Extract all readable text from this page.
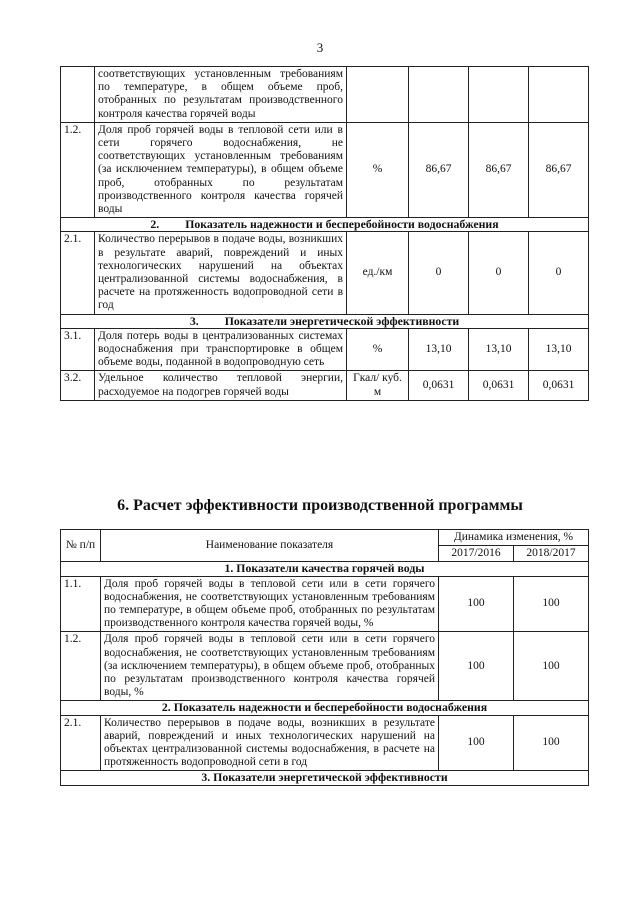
3
	соответствующих установленным требованиям по температуре, в общем объеме проб, отобранных по результатам производственного контроля качества горячей воды				
1.2.	Доля проб горячей воды в тепловой сети или в сети горячего водоснабжения, не соответствующих установленным требованиям (за исключением температуры), в общем объеме проб, отобранных по результатам производственного контроля качества горячей воды	%	86,67	86,67	86,67
2. Показатель надежности и бесперебойности водоснабжения					
2.1.	Количество перерывов в подаче воды, возникших в результате аварий, повреждений и иных технологических нарушений на объектах централизованной системы водоснабжения, в расчете на протяженность водопроводной сети в год	ед./км	0	0	0
3. Показатели энергетической эффективности					
3.1.	Доля потерь воды в централизованных системах водоснабжения при транспортировке в общем объеме воды, поданной в водопроводную сеть	%	13,10	13,10	13,10
3.2.	Удельное количество тепловой энергии, расходуемое на подогрев горячей воды	Гкал/ куб. м	0,0631	0,0631	0,0631
6. Расчет эффективности производственной программы
№ п/п	Наименование показателя	Динамика изменения, %	
		2017/2016	2018/2017
1. Показатели качества горячей воды			
1.1.	Доля проб горячей воды в тепловой сети или в сети горячего водоснабжения, не соответствующих установленным требованиям по температуре, в общем объеме проб, отобранных по результатам производственного контроля качества горячей воды, %	100	100
1.2.	Доля проб горячей воды в тепловой сети или в сети горячего водоснабжения, не соответствующих установленным требованиям (за исключением температуры), в общем объеме проб, отобранных по результатам производственного контроля качества горячей воды, %	100	100
2. Показатель надежности и бесперебойности водоснабжения			
2.1.	Количество перерывов в подаче воды, возникших в результате аварий, повреждений и иных технологических нарушений на объектах централизованной системы водоснабжения, в расчете на протяженность водопроводной сети в год	100	100
3. Показатели энергетической эффективности			
